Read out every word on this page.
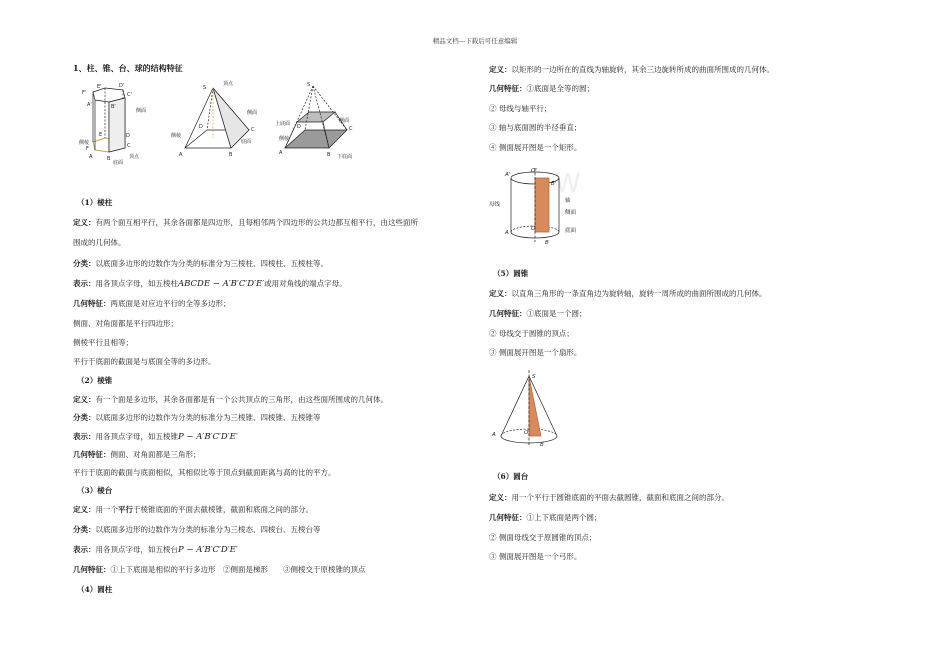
精品文档---下载后可任意编辑
1、柱、锥、台、球的结构特征
E'	D'
F'	C'
A'	B'
侧棱
侧面
顶点
底面
E	D
F	C
A	B
S
顶点
侧面
侧棱
底面
D	C
A	B
S
上底面	侧面
侧棱
下底面
D	C
A	B
（1）棱柱
定义：有两个面互相平行，其余各面都是四边形，且每相邻两个四边形的公共边都互相平行，由这些面所
围成的几何体。
分类：以底面多边形的边数作为分类的标准分为三棱柱、四棱柱、五棱柱等。
表示：用各顶点字母，如五棱柱ABCDE − A′B′C′D′E′或用对角线的端点字母。
几何特征：两底面是对应边平行的全等多边形；
侧面、对角面都是平行四边形；
侧棱平行且相等；
平行于底面的截面是与底面全等的多边形。
（2）棱锥
定义：有一个面是多边形，其余各面都是有一个公共顶点的三角形，由这些面所围成的几何体。
分类：以底面多边形的边数作为分类的标准分为三棱锥、四棱锥、五棱锥等
表示：用各顶点字母，如五棱锥P − A′B′C′D′E′
几何特征：侧面、对角面都是三角形；
平行于底面的截面与底面相似，其相似比等于顶点到截面距离与高的比的平方。
（3）棱台
定义：用一个平行于棱锥底面的平面去截棱锥，截面和底面之间的部分。
分类：以底面多边形的边数作为分类的标准分为三棱态、四棱台、五棱台等
表示：用各顶点字母，如五棱台P − A′B′C′D′E′
几何特征：①上下底面是相似的平行多边形　②侧面是梯形　　③侧棱交于原棱锥的顶点
（4）圆柱
定义：以矩形的一边所在的直线为轴旋转，其余三边旋转所成的曲面所围成的几何体。
几何特征：①底面是全等的圆；
② 母线与轴平行；
③ 轴与底面圆的半径垂直；
④ 侧面展开图是一个矩形。
W
A'
O'
B'
母线
轴
侧面
A
O
B
底面
（5）圆锥
定义：以直角三角形的一条直角边为旋转轴，旋转一周所成的曲面所围成的几何体。
几何特征：①底面是一个圆；
② 母线交于圆锥的顶点；
③ 侧面展开图是一个扇形。
S
A	O
B
（6）圆台
定义：用一个平行于圆锥底面的平面去截圆锥，截面和底面之间的部分。
几何特征：①上下底面是两个圆；
② 侧面母线交于原圆锥的顶点；
③ 侧面展开图是一个弓形。
